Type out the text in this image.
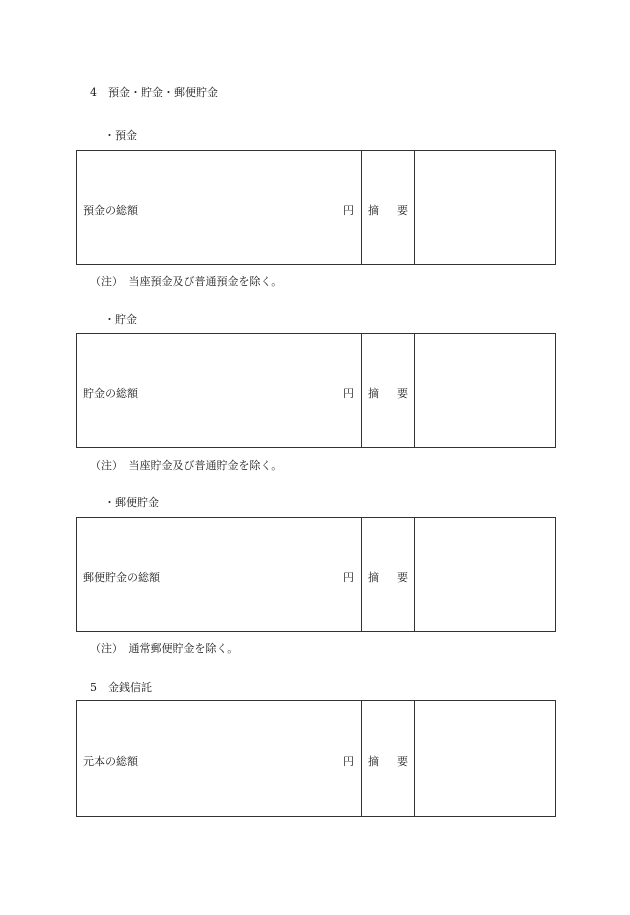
4　預金・貯金・郵便貯金
・預金
預金の総額	円 摘 要
（注）　当座預金及び普通預金を除く。
・貯金
貯金の総額	円 摘 要
（注）　当座貯金及び普通貯金を除く。
・郵便貯金
郵便貯金の総額	円 摘 要
（注）　通常郵便貯金を除く。
5　金銭信託
元本の総額	円 摘 要
